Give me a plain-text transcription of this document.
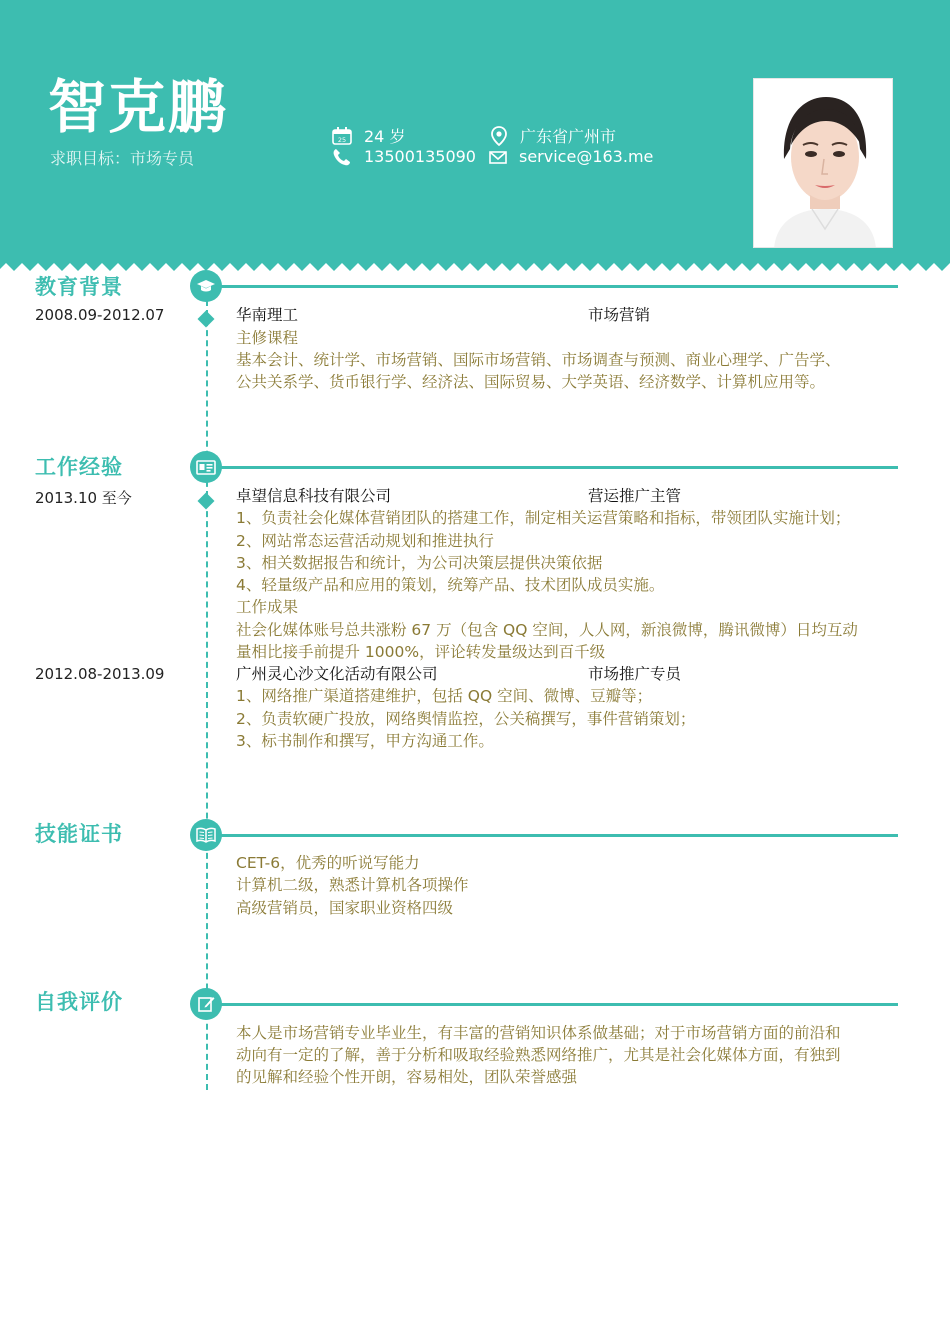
智克鹏
求职目标：市场专员
25 24 岁
13500135090
广东省广州市
service@163.me
教育背景
2008.09-2012.07	华南理工	市场营销
主修课程
基本会计、统计学、市场营销、国际市场营销、市场调查与预测、商业心理学、广告学、
公共关系学、货币银行学、经济法、国际贸易、大学英语、经济数学、计算机应用等。
工作经验
2013.10 至今	卓望信息科技有限公司	营运推广主管
1、负责社会化媒体营销团队的搭建工作，制定相关运营策略和指标，带领团队实施计划；
2、网站常态运营活动规划和推进执行
3、相关数据报告和统计，为公司决策层提供决策依据
4、轻量级产品和应用的策划，统筹产品、技术团队成员实施。
工作成果
社会化媒体账号总共涨粉 67 万（包含 QQ 空间，人人网，新浪微博，腾讯微博）日均互动
量相比接手前提升 1000%，评论转发量级达到百千级
2012.08-2013.09	广州灵心沙文化活动有限公司	市场推广专员
1、网络推广渠道搭建维护，包括 QQ 空间、微博、豆瓣等；
2、负责软硬广投放，网络舆情监控，公关稿撰写，事件营销策划；
3、标书制作和撰写，甲方沟通工作。
技能证书
CET-6，优秀的听说写能力
计算机二级，熟悉计算机各项操作
高级营销员，国家职业资格四级
自我评价
本人是市场营销专业毕业生，有丰富的营销知识体系做基础；对于市场营销方面的前沿和
动向有一定的了解，善于分析和吸取经验熟悉网络推广，尤其是社会化媒体方面，有独到
的见解和经验个性开朗，容易相处，团队荣誉感强
